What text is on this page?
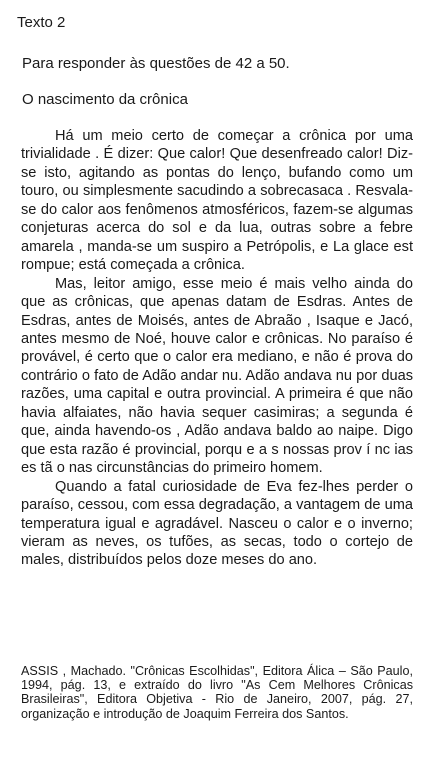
Texto 2

Para responder às questões de 42 a 50.

O nascimento da crônica

Há um meio certo de começar a crônica por uma trivialidade . É dizer: Que calor! Que desenfreado calor! Diz-se isto, agitando as pontas do lenço, bufando como um touro, ou simplesmente sacudindo a sobrecasaca . Resvala-se do calor aos fenômenos atmosféricos, fazem-se algumas conjeturas acerca do sol e da lua, outras sobre a febre amarela , manda-se um suspiro a Petrópolis, e La glace est rompue; está começada a crônica.

Mas, leitor amigo, esse meio é mais velho ainda do que as crônicas, que apenas datam de Esdras. Antes de Esdras, antes de Moisés, antes de Abraão , Isaque e Jacó, antes mesmo de Noé, houve calor e crônicas. No paraíso é provável, é certo que o calor era mediano, e não é prova do contrário o fato de Adão andar nu. Adão andava nu por duas razões, uma capital e outra provincial. A primeira é que não havia alfaiates, não havia sequer casimiras; a segunda é que, ainda havendo-os , Adão andava baldo ao naipe. Digo que esta razão é provincial, porqu e a s nossas prov í nc ias es tã o nas circunstâncias do primeiro homem.

Quando a fatal curiosidade de Eva fez-lhes perder o paraíso, cessou, com essa degradação, a vantagem de uma temperatura igual e agradável. Nasceu o calor e o inverno; vieram as neves, os tufões, as secas, todo o cortejo de males, distribuídos pelos doze meses do ano.

ASSIS , Machado. "Crônicas Escolhidas", Editora Álica – São Paulo, 1994, pág. 13, e extraído do livro "As Cem Melhores Crônicas Brasileiras", Editora Objetiva - Rio de Janeiro, 2007, pág. 27, organização e introdução de Joaquim Ferreira dos Santos.
